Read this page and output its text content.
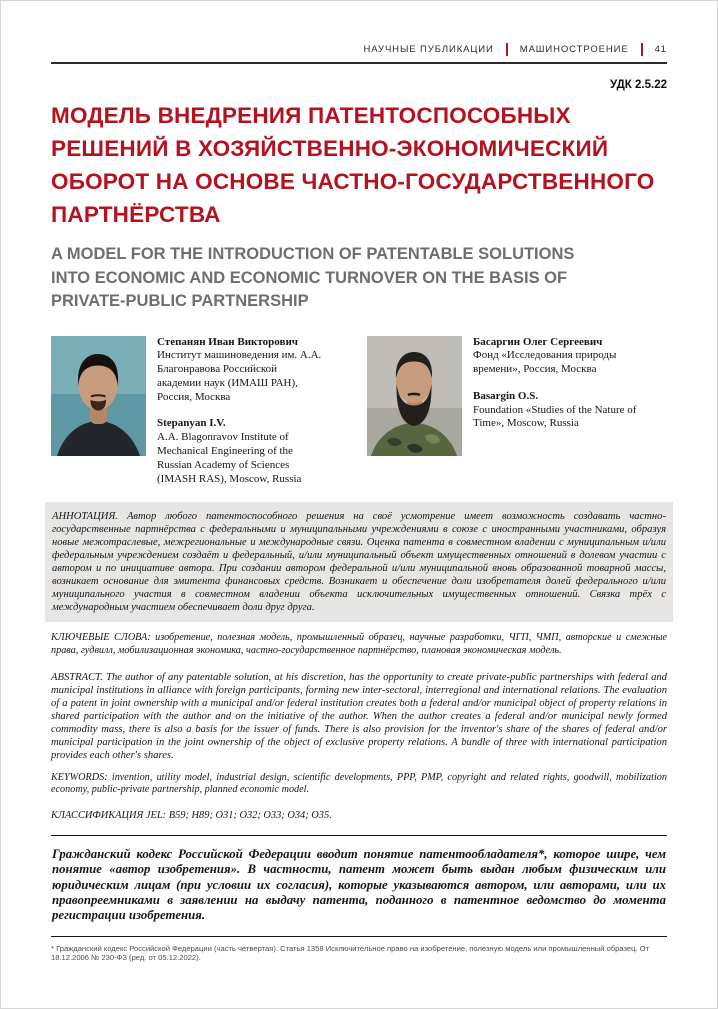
НАУЧНЫЕ ПУБЛИКАЦИИ	МАШИНОСТРОЕНИЕ	41
УДК 2.5.22
МОДЕЛЬ ВНЕДРЕНИЯ ПАТЕНТОСПОСОБНЫХ
РЕШЕНИЙ В ХОЗЯЙСТВЕННО-ЭКОНОМИЧЕСКИЙ
ОБОРОТ НА ОСНОВЕ ЧАСТНО-ГОСУДАРСТВЕННОГО
ПАРТНЁРСТВА
A MODEL FOR THE INTRODUCTION OF PATENTABLE SOLUTIONS
INTO ECONOMIC AND ECONOMIC TURNOVER ON THE BASIS OF
PRIVATE-PUBLIC PARTNERSHIP
Степанян Иван Викторович
Институт машиноведения им. А.А. Благонравова Российской академии наук (ИМАШ РАН), Россия, Москва
Stepanyan I.V.
A.A. Blagonravov Institute of Mechanical Engineering of the Russian Academy of Sciences (IMASH RAS), Moscow, Russia
Басаргин Олег Сергеевич
Фонд «Исследования природы времени», Россия, Москва
Basargin O.S.
Foundation «Studies of the Nature of Time», Moscow, Russia

АННОТАЦИЯ. Автор любого патентоспособного решения на своё усмотрение имеет возможность создавать частно-государственные партнёрства с федеральными и муниципальными учреждениями в союзе с иностранными участниками, образуя новые межотраслевые, межрегиональные и международные связи. Оценка патента в совместном владении с муниципальным и/или федеральным учреждением создаёт и федеральный, и/или муниципальный объект имущественных отношений в долевом участии с автором и по инициативе автора. При создании автором федеральной и/или муниципальной вновь образованной товарной массы, возникает основание для эмитента финансовых средств. Возникает и обеспечение доли изобретателя долей федерального и/или муниципального участия в совместном владении объекта исключительных имущественных отношений. Связка трёх с международным участием обеспечивает доли друг друга.

КЛЮЧЕВЫЕ СЛОВА: изобретение, полезная модель, промышленный образец, научные разработки, ЧГП, ЧМП, авторские и смежные права, гудвилл, мобилизационная экономика, частно-государственное партнёрство, плановая экономическая модель.

ABSTRACT. The author of any patentable solution, at his discretion, has the opportunity to create private-public partnerships with federal and municipal institutions in alliance with foreign participants, forming new inter-sectoral, interregional and international relations. The evaluation of a patent in joint ownership with a municipal and/or federal institution creates both a federal and/or municipal object of property relations in shared participation with the author and on the initiative of the author. When the author creates a federal and/or municipal newly formed commodity mass, there is also a basis for the issuer of funds. There is also provision for the inventor's share of the shares of federal and/or municipal participation in the joint ownership of the object of exclusive property relations. A bundle of three with international participation provides each other's shares.

KEYWORDS: invention, utility model, industrial design, scientific developments, PPP, PMP, copyright and related rights, goodwill, mobilization economy, public-private partnership, planned economic model.

КЛАССИФИКАЦИЯ JEL: B59; H89; O31; O32; O33; O34; O35.

Гражданский кодекс Российской Федерации вводит понятие патентообладателя*, которое шире, чем понятие «автор изобретения». В частности, патент может быть выдан любым физическим или юридическим лицам (при условии их согласия), которые указываются автором, или авторами, или их правопреемниками в заявлении на выдачу патента, поданного в патентное ведомство до момента регистрации изобретения.

* Гражданский кодекс Российской Федерации (часть четвертая). Статья 1358 Исключительное право на изобретение, полезную модель или промышленный образец. От 18.12.2006 № 230-ФЗ (ред. от 05.12.2022).
